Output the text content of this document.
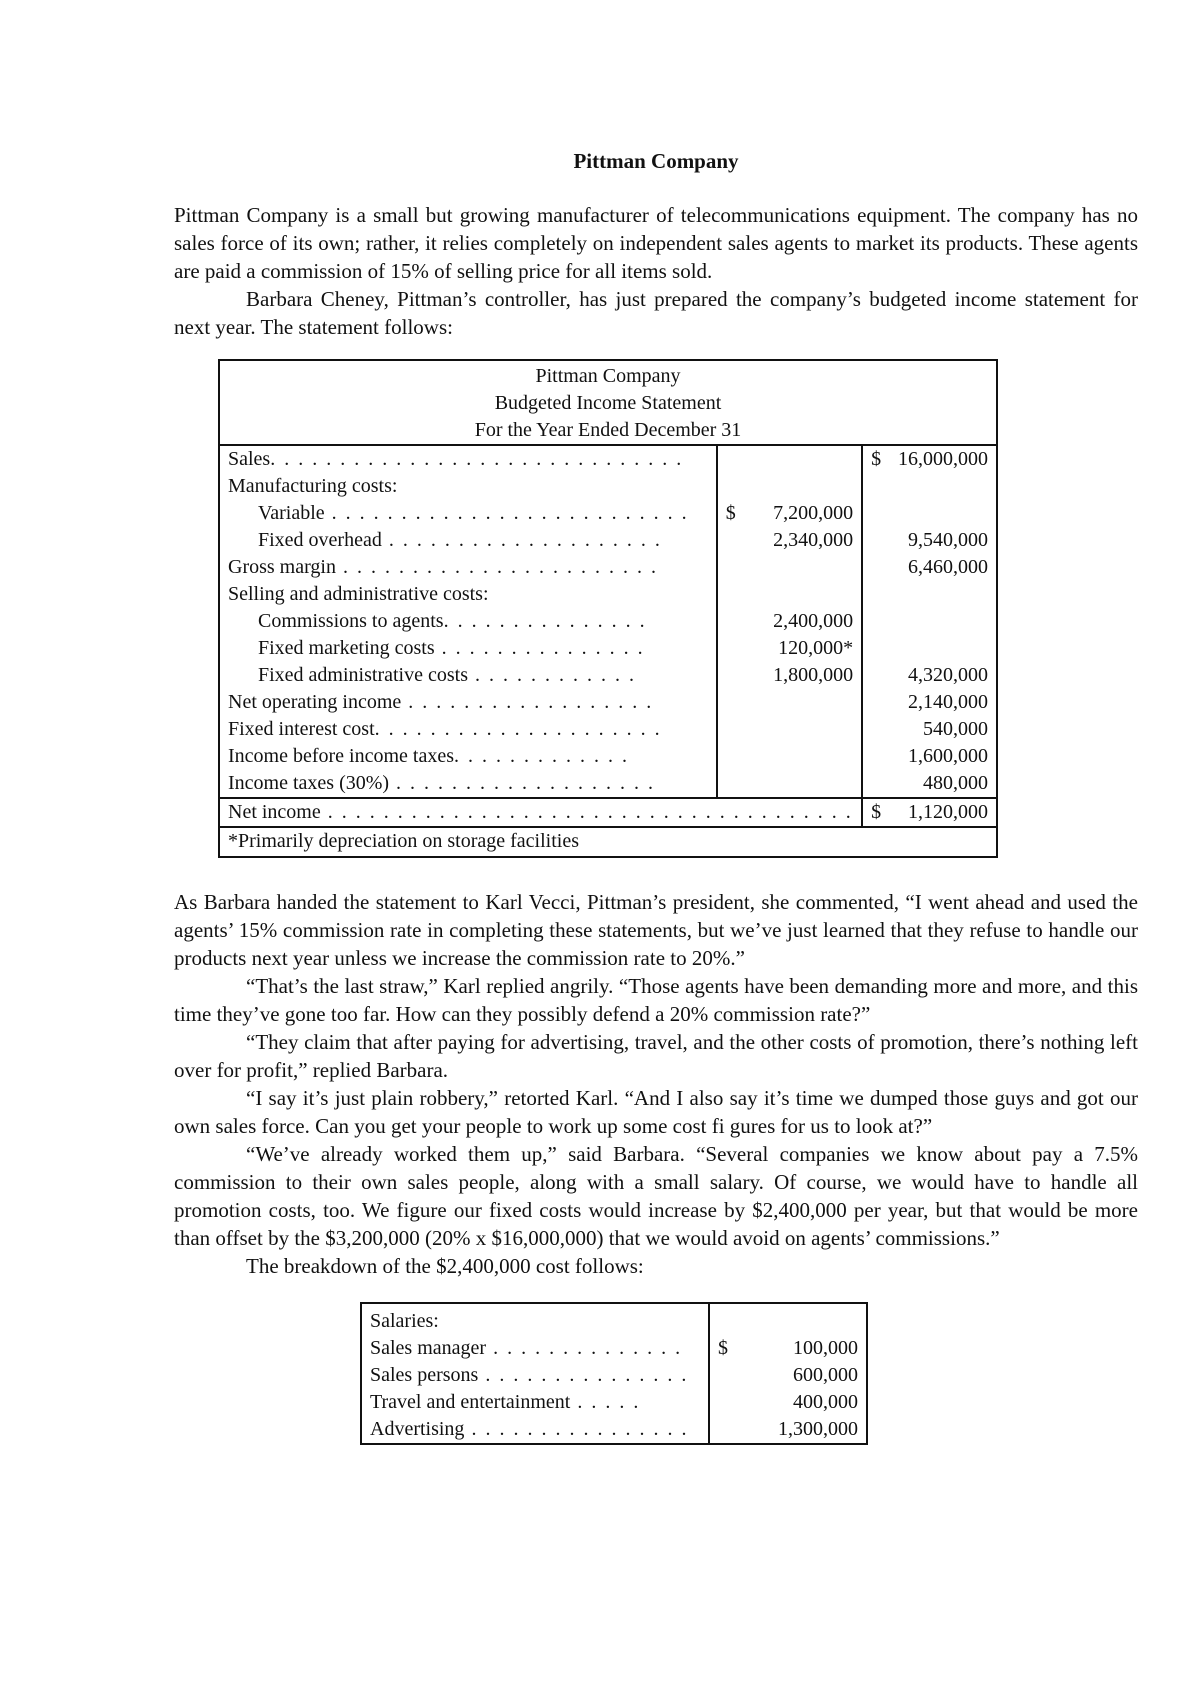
Pittman Company

Pittman Company is a small but growing manufacturer of telecommunications equipment. The company has no sales force of its own; rather, it relies completely on independent sales agents to market its products. These agents are paid a commission of 15% of selling price for all items sold.

Barbara Cheney, Pittman’s controller, has just prepared the company’s budgeted income statement for next year. The statement follows:

Pittman Company
Budgeted Income Statement
For the Year Ended December 31		

Sales. . . . . . . . . . . . . . . . . . . . . . . . . . . . . .		$ 16,000,000
Manufacturing costs:		
Variable . . . . . . . . . . . . . . . . . . . . . . . . . .	$ 7,200,000	
Fixed overhead . . . . . . . . . . . . . . . . . . . .	2,340,000	9,540,000
Gross margin . . . . . . . . . . . . . . . . . . . . . . .		6,460,000
Selling and administrative costs:		
Commissions to agents. . . . . . . . . . . . . . .	2,400,000	
Fixed marketing costs . . . . . . . . . . . . . . .	120,000*	
Fixed administrative costs . . . . . . . . . . . .	1,800,000	4,320,000
Net operating income . . . . . . . . . . . . . . . . . .		2,140,000
Fixed interest cost. . . . . . . . . . . . . . . . . . . . .		540,000
Income before income taxes. . . . . . . . . . . . .		1,600,000
Income taxes (30%) . . . . . . . . . . . . . . . . . . .		480,000
Net income . . . . . . . . . . . . . . . . . . . . . . . . . . . . . . . . . . . . . .		$ 1,120,000
*Primarily depreciation on storage facilities		

As Barbara handed the statement to Karl Vecci, Pittman’s president, she commented, “I went ahead and used the agents’ 15% commission rate in completing these statements, but we’ve just learned that they refuse to handle our products next year unless we increase the commission rate to 20%.”

“That’s the last straw,” Karl replied angrily. “Those agents have been demanding more and more, and this time they’ve gone too far. How can they possibly defend a 20% commission rate?”

“They claim that after paying for advertising, travel, and the other costs of promotion, there’s nothing left over for profit,” replied Barbara.

“I say it’s just plain robbery,” retorted Karl. “And I also say it’s time we dumped those guys and got our own sales force. Can you get your people to work up some cost fi gures for us to look at?”

“We’ve already worked them up,” said Barbara. “Several companies we know about pay a 7.5% commission to their own sales people, along with a small salary. Of course, we would have to handle all promotion costs, too. We figure our fixed costs would increase by $2,400,000 per year, but that would be more than offset by the $3,200,000 (20% x $16,000,000) that we would avoid on agents’ commissions.”

The breakdown of the $2,400,000 cost follows:

Salaries:	
Sales manager . . . . . . . . . . . . . .	$ 100,000
Sales persons . . . . . . . . . . . . . . .	600,000
Travel and entertainment . . . . .	400,000
Advertising . . . . . . . . . . . . . . . .	1,300,000
